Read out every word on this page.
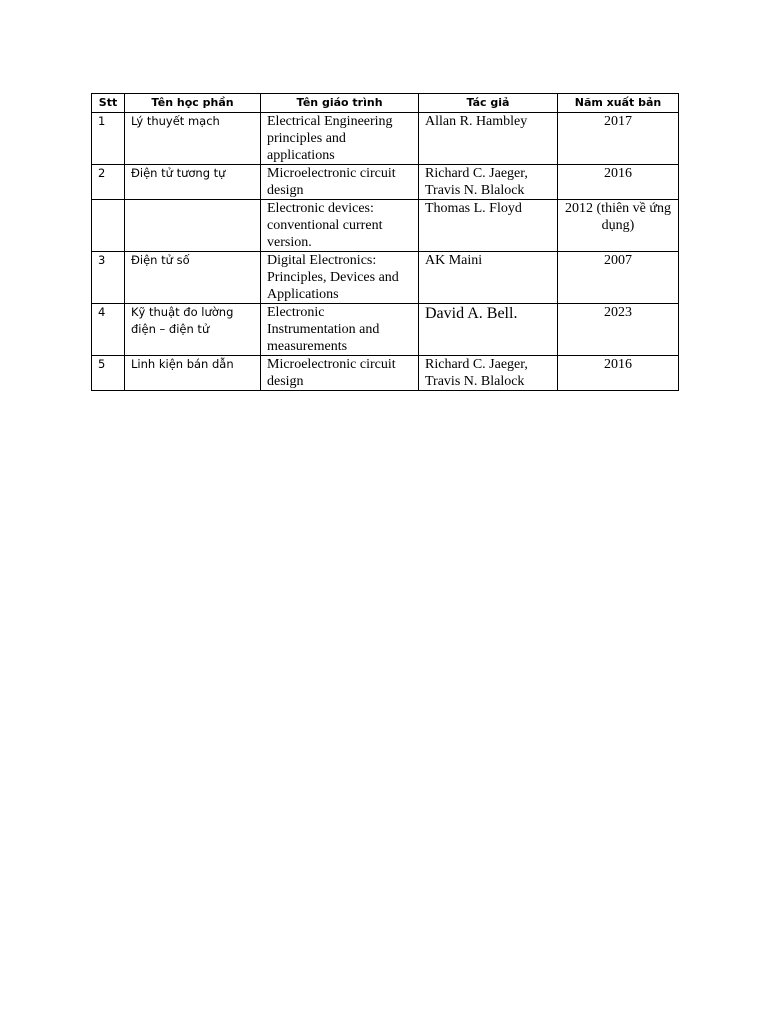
Stt	Tên học phần	Tên giáo trình	Tác giả	Năm xuất bản
1	Lý thuyết mạch	Electrical Engineering principles and applications	Allan R. Hambley	2017
2	Điện tử tương tự	Microelectronic circuit design	Richard C. Jaeger, Travis N. Blalock	2016
		Electronic devices: conventional current version.	Thomas L. Floyd	2012 (thiên về ứng dụng)
3	Điện tử số	Digital Electronics: Principles, Devices and Applications	AK Maini	2007
4	Kỹ thuật đo lường điện – điện tử	Electronic Instrumentation and measurements	David A. Bell.	2023
5	Linh kiện bán dẫn	Microelectronic circuit design	Richard C. Jaeger, Travis N. Blalock	2016
